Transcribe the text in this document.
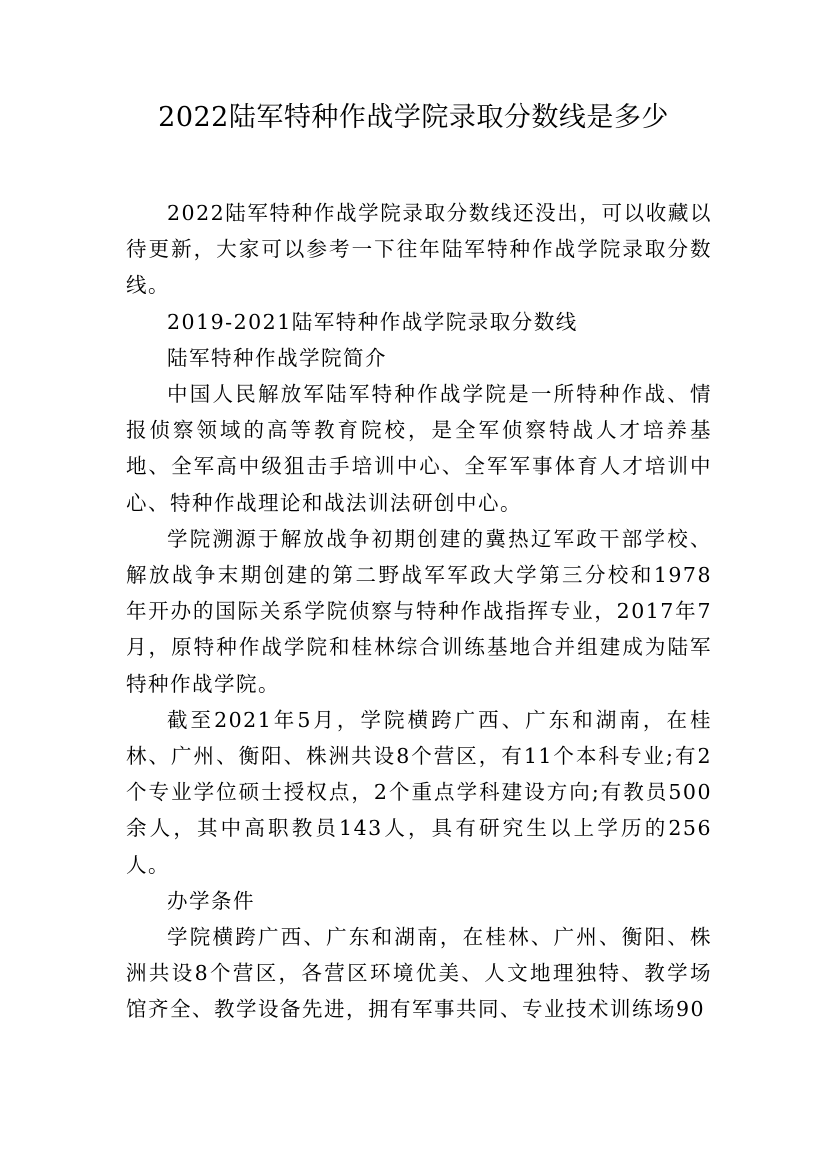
2022陆军特种作战学院录取分数线是多少

2022陆军特种作战学院录取分数线还没出，可以收藏以待更新，大家可以参考一下往年陆军特种作战学院录取分数线。

2019-2021陆军特种作战学院录取分数线

陆军特种作战学院简介

中国人民解放军陆军特种作战学院是一所特种作战、情报侦察领域的高等教育院校，是全军侦察特战人才培养基地、全军高中级狙击手培训中心、全军军事体育人才培训中心、特种作战理论和战法训法研创中心。

学院溯源于解放战争初期创建的冀热辽军政干部学校、解放战争末期创建的第二野战军军政大学第三分校和1978年开办的国际关系学院侦察与特种作战指挥专业，2017年7月，原特种作战学院和桂林综合训练基地合并组建成为陆军特种作战学院。

截至2021年5月，学院横跨广西、广东和湖南，在桂林、广州、衡阳、株洲共设8个营区，有11个本科专业;有2个专业学位硕士授权点，2个重点学科建设方向;有教员500余人，其中高职教员143人，具有研究生以上学历的256人。

办学条件

学院横跨广西、广东和湖南，在桂林、广州、衡阳、株洲共设8个营区，各营区环境优美、人文地理独特、教学场馆齐全、教学设备先进，拥有军事共同、专业技术训练场90
